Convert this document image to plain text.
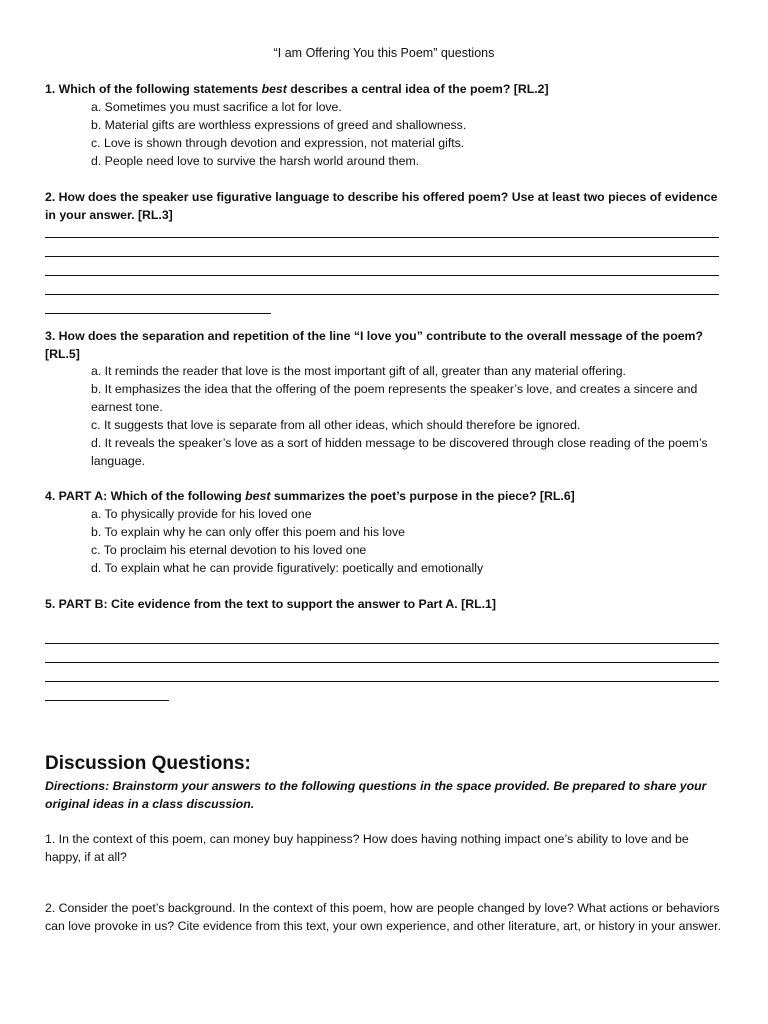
“I am Offering You this Poem” questions
1. Which of the following statements best describes a central idea of the poem? [RL.2]

a. Sometimes you must sacrifice a lot for love.

b. Material gifts are worthless expressions of greed and shallowness.

c. Love is shown through devotion and expression, not material gifts.

d. People need love to survive the harsh world around them.

2. How does the speaker use figurative language to describe his offered poem? Use at least two pieces of evidence in your answer. [RL.3]
3. How does the separation and repetition of the line “I love you” contribute to the overall message of the poem? [RL.5]

a. It reminds the reader that love is the most important gift of all, greater than any material offering.

b. It emphasizes the idea that the offering of the poem represents the speaker’s love, and creates a sincere and earnest tone.

c. It suggests that love is separate from all other ideas, which should therefore be ignored.

d. It reveals the speaker’s love as a sort of hidden message to be discovered through close reading of the poem’s language.

4. PART A: Which of the following best summarizes the poet’s purpose in the piece? [RL.6]

a. To physically provide for his loved one

b. To explain why he can only offer this poem and his love

c. To proclaim his eternal devotion to his loved one

d. To explain what he can provide figuratively: poetically and emotionally

5. PART B: Cite evidence from the text to support the answer to Part A. [RL.1]
Discussion Questions:
Directions: Brainstorm your answers to the following questions in the space provided. Be prepared to share your original ideas in a class discussion.
1. In the context of this poem, can money buy happiness? How does having nothing impact one’s ability to love and be happy, if at all?
2. Consider the poet’s background. In the context of this poem, how are people changed by love? What actions or behaviors can love provoke in us? Cite evidence from this text, your own experience, and other literature, art, or history in your answer.
